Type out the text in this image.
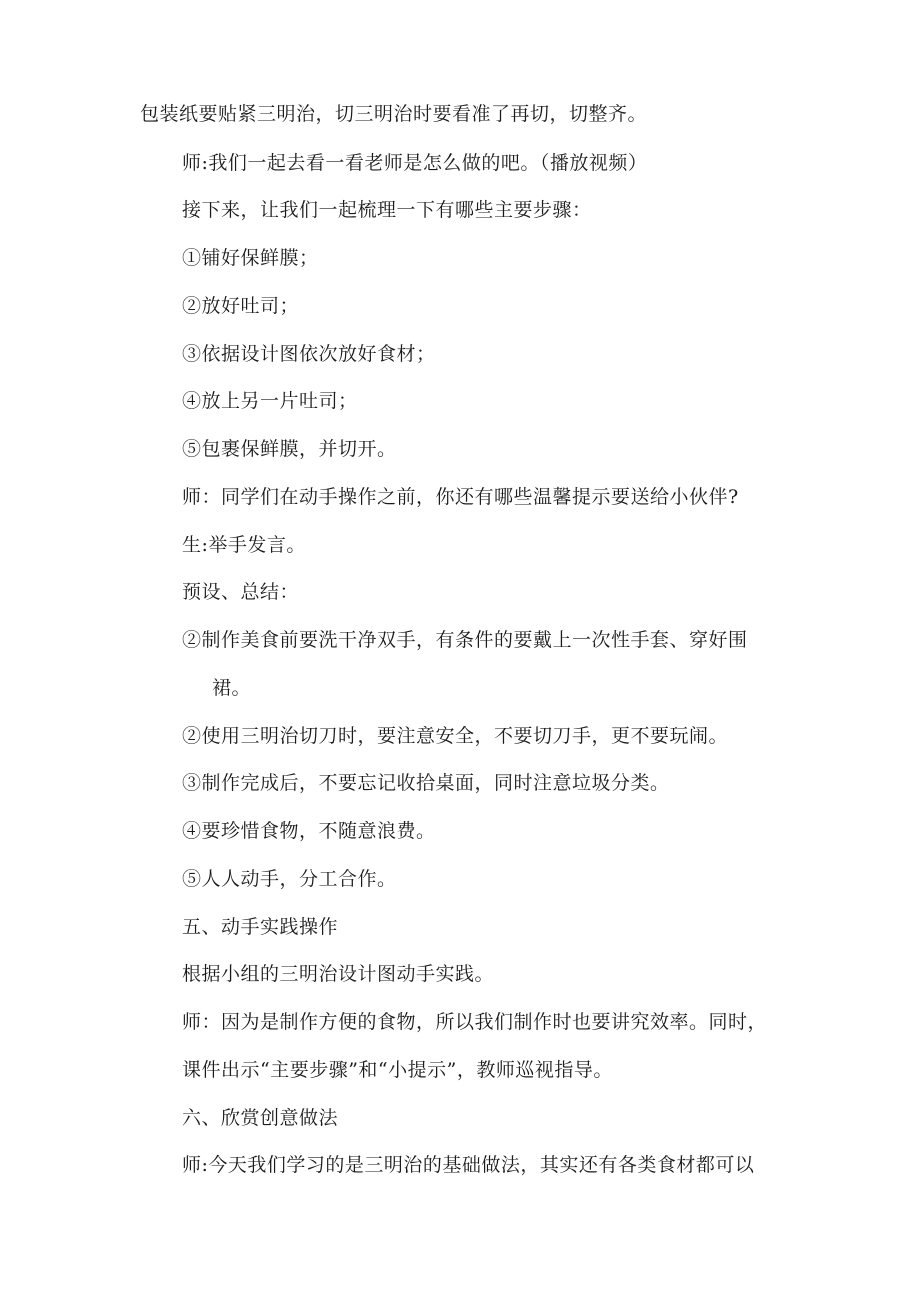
包装纸要贴紧三明治，切三明治时要看准了再切，切整齐。
师:我们一起去看一看老师是怎么做的吧。（播放视频）
接下来，让我们一起梳理一下有哪些主要步骤：
①铺好保鲜膜；
②放好吐司；
③依据设计图依次放好食材；
④放上另一片吐司；
⑤包裹保鲜膜，并切开。
师：同学们在动手操作之前，你还有哪些温馨提示要送给小伙伴?
生:举手发言。
预设、总结：
②制作美食前要洗干净双手，有条件的要戴上一次性手套、穿好围
裙。
②使用三明治切刀时，要注意安全，不要切刀手，更不要玩闹。
③制作完成后，不要忘记收拾桌面，同时注意垃圾分类。
④要珍惜食物，不随意浪费。
⑤人人动手，分工合作。
五、动手实践操作
根据小组的三明治设计图动手实践。
师：因为是制作方便的食物，所以我们制作时也要讲究效率。同时，
课件出示“主要步骤”和“小提示”，教师巡视指导。
六、欣赏创意做法
师:今天我们学习的是三明治的基础做法，其实还有各类食材都可以
